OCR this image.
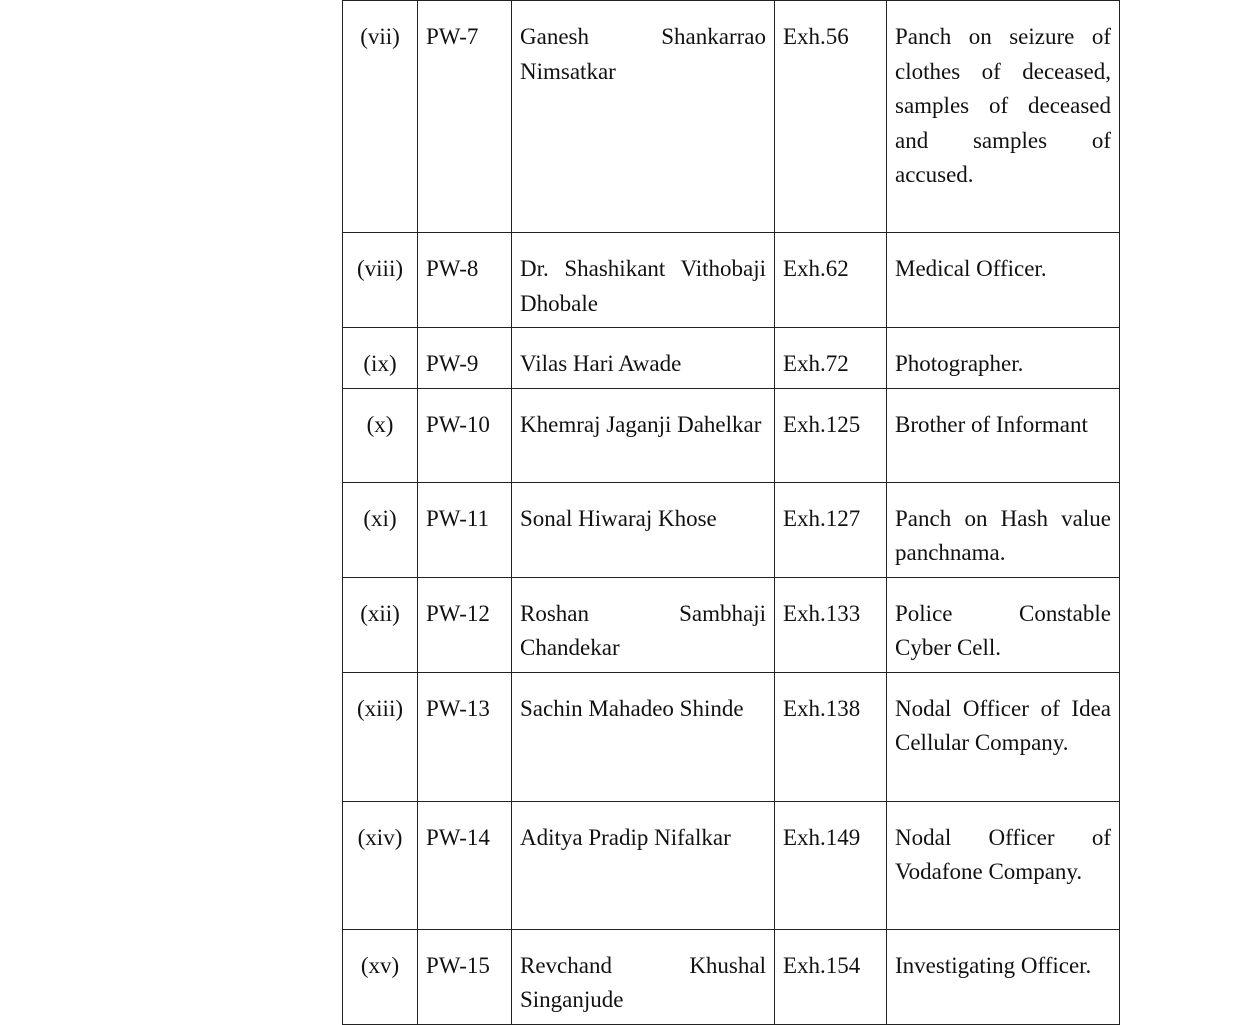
(vii)	PW-7	Ganesh Shankarrao Nimsatkar	Exh.56	Panch on seizure of clothes of deceased, samples of deceased and samples of accused.
(viii)	PW-8	Dr. Shashikant Vithobaji Dhobale	Exh.62	Medical Officer.
(ix)	PW-9	Vilas Hari Awade	Exh.72	Photographer.
(x)	PW-10	Khemraj Jaganji Dahelkar	Exh.125	Brother of Informant
(xi)	PW-11	Sonal Hiwaraj Khose	Exh.127	Panch on Hash value panchnama.
(xii)	PW-12	Roshan Sambhaji Chandekar	Exh.133	Police Constable Cyber Cell.
(xiii)	PW-13	Sachin Mahadeo Shinde	Exh.138	Nodal Officer of Idea Cellular Company.
(xiv)	PW-14	Aditya Pradip Nifalkar	Exh.149	Nodal Officer of Vodafone Company.
(xv)	PW-15	Revchand Khushal Singanjude	Exh.154	Investigating Officer.
